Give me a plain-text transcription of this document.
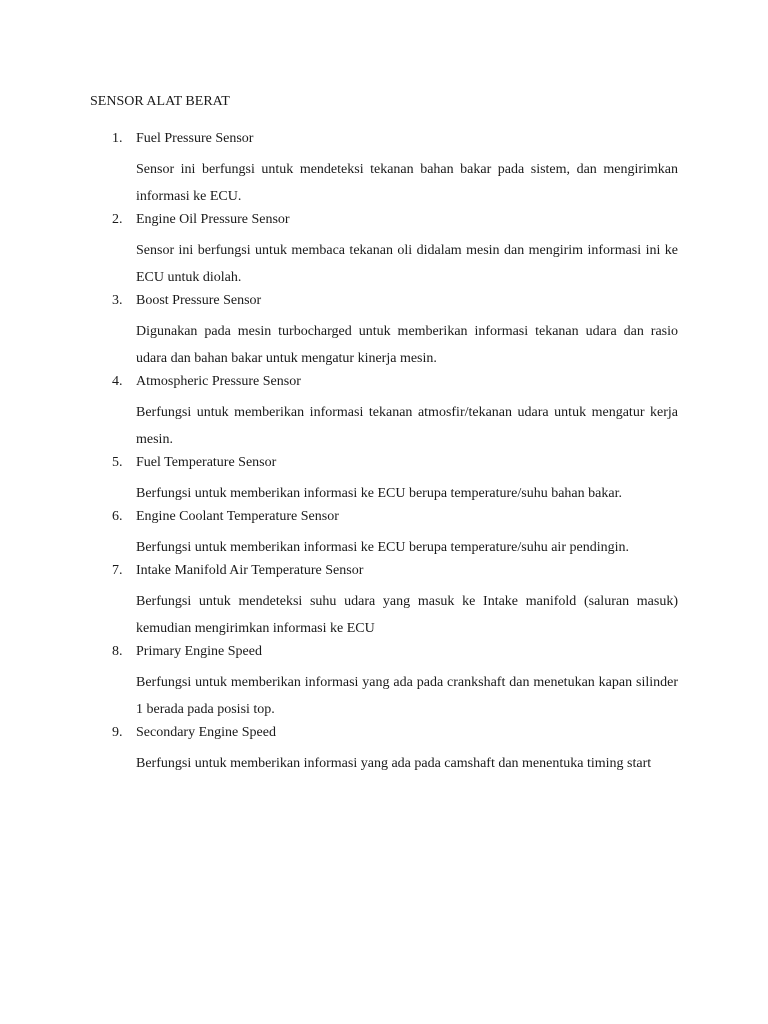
SENSOR ALAT BERAT
1. Fuel Pressure Sensor
Sensor ini berfungsi untuk mendeteksi tekanan bahan bakar pada sistem, dan mengirimkan informasi ke ECU.
2. Engine Oil Pressure Sensor
Sensor ini berfungsi untuk membaca tekanan oli didalam mesin dan mengirim informasi ini ke ECU untuk diolah.
3. Boost Pressure Sensor
Digunakan pada mesin turbocharged untuk memberikan informasi tekanan udara dan rasio udara dan bahan bakar untuk mengatur kinerja mesin.
4. Atmospheric Pressure Sensor
Berfungsi untuk memberikan informasi tekanan atmosfir/tekanan udara untuk mengatur kerja mesin.
5. Fuel Temperature Sensor
Berfungsi untuk memberikan informasi ke ECU berupa temperature/suhu bahan bakar.
6. Engine Coolant Temperature Sensor
Berfungsi untuk memberikan informasi ke ECU berupa temperature/suhu air pendingin.
7. Intake Manifold Air Temperature Sensor
Berfungsi untuk mendeteksi suhu udara yang masuk ke Intake manifold (saluran masuk) kemudian mengirimkan informasi ke ECU
8. Primary Engine Speed
Berfungsi untuk memberikan informasi yang ada pada crankshaft dan menetukan kapan silinder 1 berada pada posisi top.
9. Secondary Engine Speed
Berfungsi untuk memberikan informasi yang ada pada camshaft dan menentuka timing start
